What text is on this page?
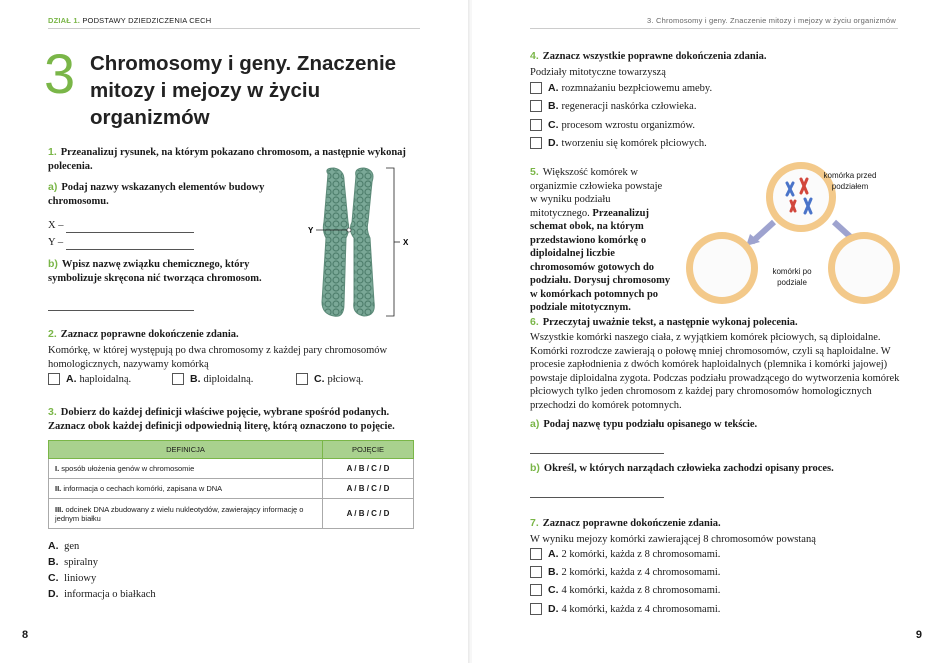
DZIAŁ 1. PODSTAWY DZIEDZICZENIA CECH
3 Chromosomy i geny. Znaczenie mitozy i mejozy w życiu organizmów
1. Przeanalizuj rysunek, na którym pokazano chromosom, a następnie wykonaj polecenia.
a) Podaj nazwy wskazanych elementów budowy chromosomu.
X –
Y –
b) Wpisz nazwę związku chemicznego, który symbolizuje skręcona nić tworząca chromosom.
Y
X
2. Zaznacz poprawne dokończenie zdania.
Komórkę, w której występują po dwa chromosomy z każdej pary chromosomów homologicznych, nazywamy komórką
A. haploidalną.	B. diploidalną.	C. płciową.
3. Dobierz do każdej definicji właściwe pojęcie, wybrane spośród podanych. Zaznacz obok każdej definicji odpowiednią literę, którą oznaczono to pojęcie.
DEFINICJA	POJĘCIE
I. sposób ułożenia genów w chromosomie	A / B / C / D
II. informacja o cechach komórki, zapisana w DNA	A / B / C / D
III. odcinek DNA zbudowany z wielu nukleotydów, zawierający informację o jednym białku	A / B / C / D
A. gen
B. spiralny
C. liniowy
D. informacja o białkach
8
3. Chromosomy i geny. Znaczenie mitozy i mejozy w życiu organizmów
4. Zaznacz wszystkie poprawne dokończenia zdania.
Podziały mitotyczne towarzyszą
A. rozmnażaniu bezpłciowemu ameby.
B. regeneracji naskórka człowieka.
C. procesom wzrostu organizmów.
D. tworzeniu się komórek płciowych.
5. Większość komórek w organizmie człowieka powstaje w wyniku podziału mitotycznego. Przeanalizuj schemat obok, na którym przedstawiono komórkę o diploidalnej liczbie chromosomów gotowych do podziału. Dorysuj chromosomy w komórkach potomnych po podziale mitotycznym.
komórka przed podziałem
komórki po podziale
6. Przeczytaj uważnie tekst, a następnie wykonaj polecenia.
Wszystkie komórki naszego ciała, z wyjątkiem komórek płciowych, są diploidalne. Komórki rozrodcze zawierają o połowę mniej chromosomów, czyli są haploidalne. W procesie zapłodnienia z dwóch komórek haploidalnych (plemnika i komórki jajowej) powstaje diploidalna zygota. Podczas podziału prowadzącego do wytworzenia komórek płciowych tylko jeden chromosom z każdej pary chromosomów homologicznych przechodzi do komórek potomnych.
a) Podaj nazwę typu podziału opisanego w tekście.
b) Określ, w których narządach człowieka zachodzi opisany proces.
7. Zaznacz poprawne dokończenie zdania.
W wyniku mejozy komórki zawierającej 8 chromosomów powstaną
A. 2 komórki, każda z 8 chromosomami.
B. 2 komórki, każda z 4 chromosomami.
C. 4 komórki, każda z 8 chromosomami.
D. 4 komórki, każda z 4 chromosomami.
9
